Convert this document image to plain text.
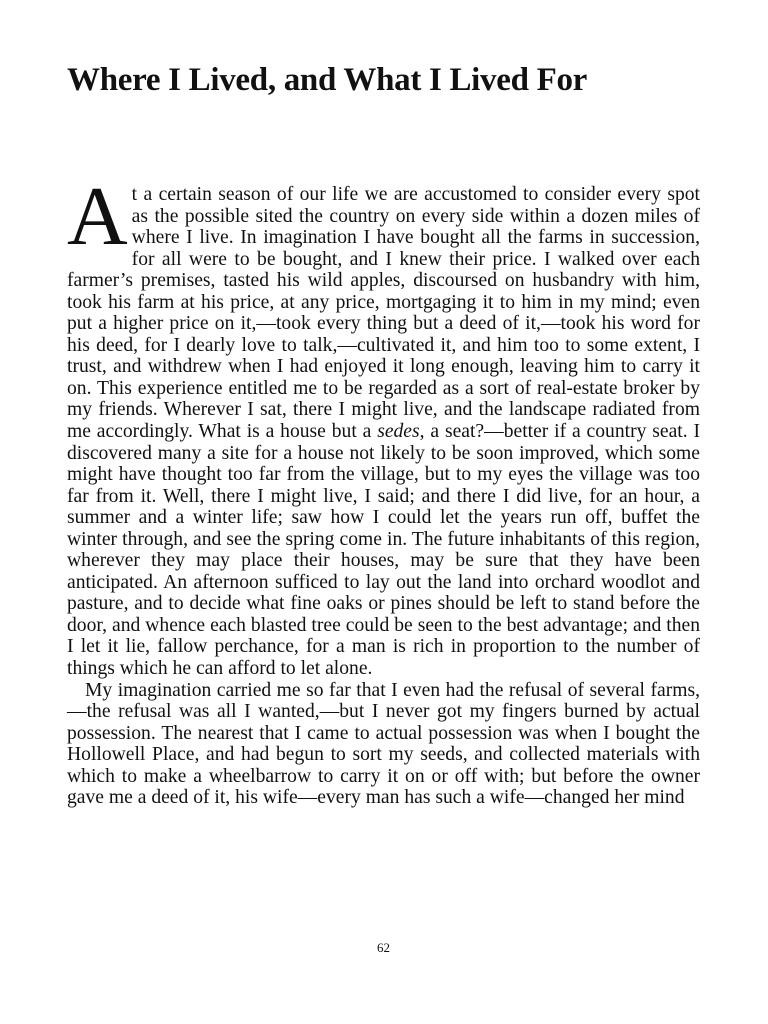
Where I Lived, and What I Lived For

At a certain season of our life we are accustomed to consider every spot as the possible sited the country on every side within a dozen miles of where I live. In imagination I have bought all the farms in succession, for all were to be bought, and I knew their price. I walked over each farmer’s premises, tasted his wild apples, discoursed on husbandry with him, took his farm at his price, at any price, mortgaging it to him in my mind; even put a higher price on it,—took every thing but a deed of it,—took his word for his deed, for I dearly love to talk,—cultivated it, and him too to some extent, I trust, and withdrew when I had enjoyed it long enough, leaving him to carry it on. This experience entitled me to be regarded as a sort of real-estate broker by my friends. Wherever I sat, there I might live, and the landscape radiated from me accordingly. What is a house but a sedes, a seat?—better if a country seat. I discovered many a site for a house not likely to be soon improved, which some might have thought too far from the village, but to my eyes the village was too far from it. Well, there I might live, I said; and there I did live, for an hour, a summer and a winter life; saw how I could let the years run off, buffet the winter through, and see the spring come in. The future inhabitants of this region, wherever they may place their houses, may be sure that they have been anticipated. An afternoon sufficed to lay out the land into orchard woodlot and pasture, and to decide what fine oaks or pines should be left to stand before the door, and whence each blasted tree could be seen to the best advantage; and then I let it lie, fallow perchance, for a man is rich in proportion to the number of things which he can afford to let alone.

My imagination carried me so far that I even had the refusal of several farms,—the refusal was all I wanted,—but I never got my fingers burned by actual possession. The nearest that I came to actual possession was when I bought the Hollowell Place, and had begun to sort my seeds, and collected materials with which to make a wheelbarrow to carry it on or off with; but before the owner gave me a deed of it, his wife—every man has such a wife—changed her mind

62
